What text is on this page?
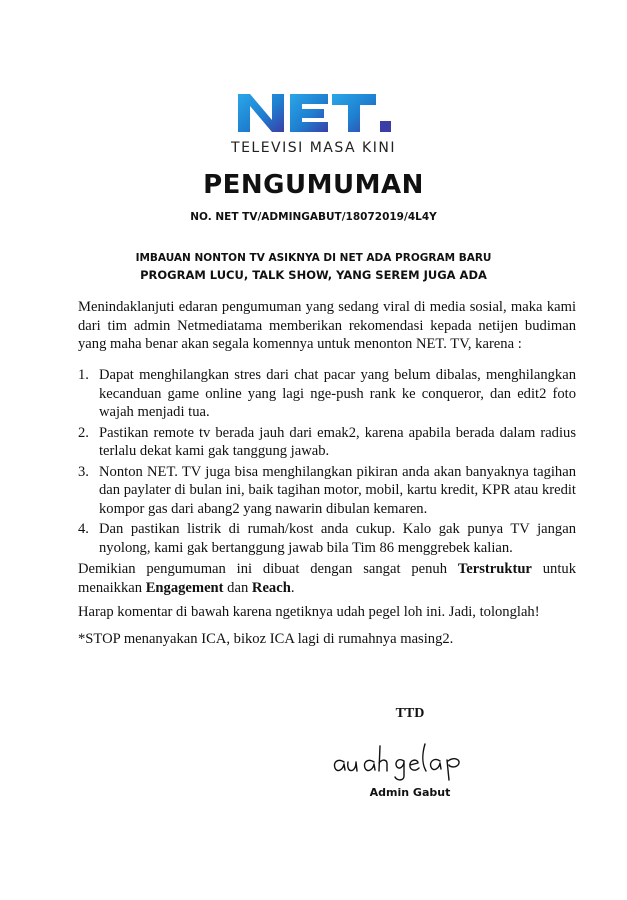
TELEVISI MASA KINI
PENGUMUMAN
NO. NET TV/ADMINGABUT/18072019/4L4Y
IMBAUAN NONTON TV ASIKNYA DI NET ADA PROGRAM BARU
PROGRAM LUCU, TALK SHOW, YANG SEREM JUGA ADA
Menindaklanjuti edaran pengumuman yang sedang viral di media sosial, maka kami dari tim admin Netmediatama memberikan rekomendasi kepada netijen budiman yang maha benar akan segala komennya untuk menonton NET. TV, karena :
1. Dapat menghilangkan stres dari chat pacar yang belum dibalas, menghilangkan kecanduan game online yang lagi nge-push rank ke conqueror, dan edit2 foto wajah menjadi tua.
2. Pastikan remote tv berada jauh dari emak2, karena apabila berada dalam radius terlalu dekat kami gak tanggung jawab.
3. Nonton NET. TV juga bisa menghilangkan pikiran anda akan banyaknya tagihan dan paylater di bulan ini, baik tagihan motor, mobil, kartu kredit, KPR atau kredit kompor gas dari abang2 yang nawarin dibulan kemaren.
4. Dan pastikan listrik di rumah/kost anda cukup. Kalo gak punya TV jangan nyolong, kami gak bertanggung jawab bila Tim 86 menggrebek kalian.
Demikian pengumuman ini dibuat dengan sangat penuh Terstruktur untuk menaikkan Engagement dan Reach.
Harap komentar di bawah karena ngetiknya udah pegel loh ini. Jadi, tolonglah!
*STOP menanyakan ICA, bikoz ICA lagi di rumahnya masing2.
TTD
Admin Gabut
